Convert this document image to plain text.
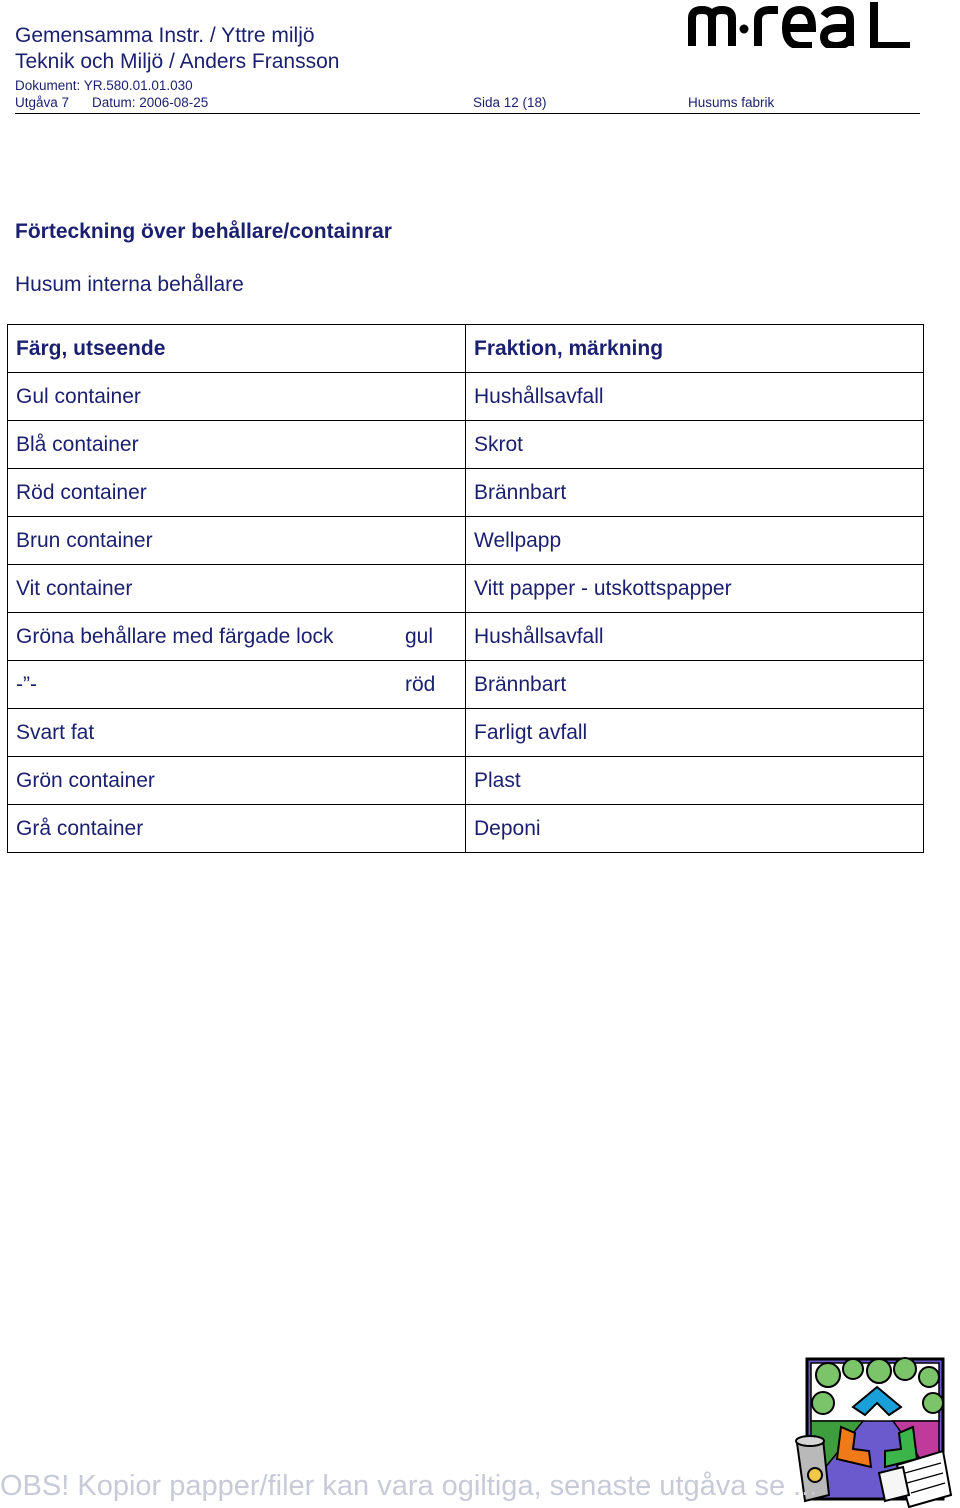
Gemensamma Instr. / Yttre miljö
Teknik och Miljö / Anders Fransson
Dokument: YR.580.01.01.030
Utgåva 7 Datum: 2006-08-25	Sida 12 (18)	Husums fabrik
Förteckning över behållare/containrar
Husum interna behållare
Färg, utseende	Fraktion, märkning
Gul container	Hushållsavfall
Blå container	Skrot
Röd container	Brännbart
Brun container	Wellpapp
Vit container	Vitt papper - utskottspapper
Gröna behållare med färgade lock gul	Hushållsavfall
-”- röd	Brännbart
Svart fat	Farligt avfall
Grön container	Plast
Grå container	Deponi
OBS! Kopior papper/filer kan vara ogiltiga, senaste utgåva se ...
